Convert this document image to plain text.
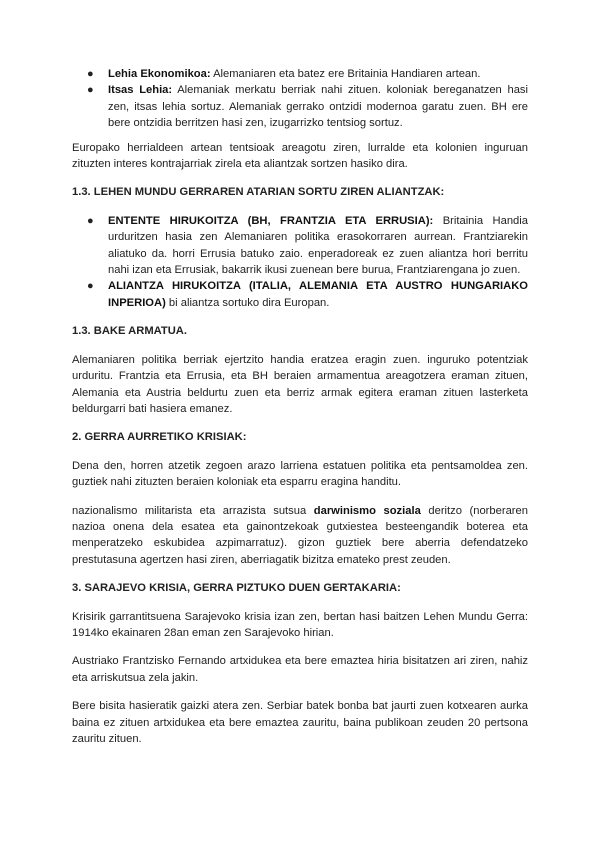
● Lehia Ekonomikoa: Alemaniaren eta batez ere Britainia Handiaren artean.
● Itsas Lehia: Alemaniak merkatu berriak nahi zituen. koloniak bereganatzen hasi zen, itsas lehia sortuz. Alemaniak gerrako ontzidi modernoa garatu zuen. BH ere bere ontzidia berritzen hasi zen, izugarrizko tentsiog sortuz.

Europako herrialdeen artean tentsioak areagotu ziren, lurralde eta kolonien inguruan zituzten interes kontrajarriak zirela eta aliantzak sortzen hasiko dira.

1.3. LEHEN MUNDU GERRAREN ATARIAN SORTU ZIREN ALIANTZAK:

● ENTENTE HIRUKOITZA (BH, FRANTZIA ETA ERRUSIA): Britainia Handia urduritzen hasia zen Alemaniaren politika erasokorraren aurrean. Frantziarekin aliatuko da. horri Errusia batuko zaio. enperadoreak ez zuen aliantza hori berritu nahi izan eta Errusiak, bakarrik ikusi zuenean bere burua, Frantziarengana jo zuen.
● ALIANTZA HIRUKOITZA (ITALIA, ALEMANIA ETA AUSTRO HUNGARIAKO INPERIOA) bi aliantza sortuko dira Europan.

1.3. BAKE ARMATUA.

Alemaniaren politika berriak ejertzito handia eratzea eragin zuen. inguruko potentziak urduritu. Frantzia eta Errusia, eta BH beraien armamentua areagotzera eraman zituen, Alemania eta Austria beldurtu zuen eta berriz armak egitera eraman zituen lasterketa beldurgarri bati hasiera emanez.

2. GERRA AURRETIKO KRISIAK:

Dena den, horren atzetik zegoen arazo larriena estatuen politika eta pentsamoldea zen. guztiek nahi zituzten beraien koloniak eta esparru eragina handitu.

nazionalismo militarista eta arrazista sutsua darwinismo soziala deritzo (norberaren nazioa onena dela esatea eta gainontzekoak gutxiestea besteengandik boterea eta menperatzeko eskubidea azpimarratuz). gizon guztiek bere aberria defendatzeko prestutasuna agertzen hasi ziren, aberriagatik bizitza emateko prest zeuden.

3. SARAJEVO KRISIA, GERRA PIZTUKO DUEN GERTAKARIA:

Krisirik garrantitsuena Sarajevoko krisia izan zen, bertan hasi baitzen Lehen Mundu Gerra: 1914ko ekainaren 28an eman zen Sarajevoko hirian.

Austriako Frantzisko Fernando artxidukea eta bere emaztea hiria bisitatzen ari ziren, nahiz eta arriskutsua zela jakin.

Bere bisita hasieratik gaizki atera zen. Serbiar batek bonba bat jaurti zuen kotxearen aurka baina ez zituen artxidukea eta bere emaztea zauritu, baina publikoan zeuden 20 pertsona zauritu zituen.
